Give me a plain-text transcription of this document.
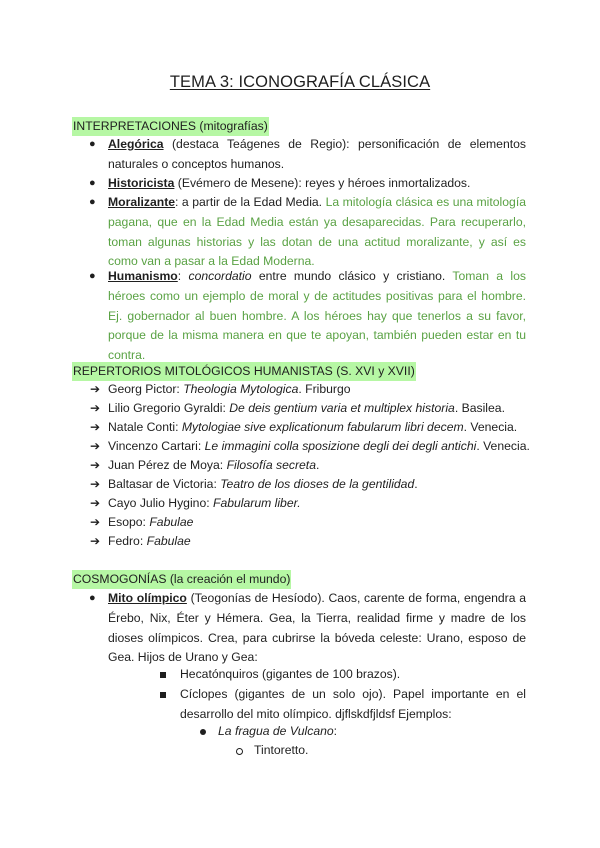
TEMA 3: ICONOGRAFÍA CLÁSICA
INTERPRETACIONES (mitografías)
● Alegórica (destaca Teágenes de Regio): personificación de elementos naturales o conceptos humanos.
● Historicista (Evémero de Mesene): reyes y héroes inmortalizados.
● Moralizante: a partir de la Edad Media. La mitología clásica es una mitología pagana, que en la Edad Media están ya desaparecidas. Para recuperarlo, toman algunas historias y las dotan de una actitud moralizante, y así es como van a pasar a la Edad Moderna.
● Humanismo: concordatio entre mundo clásico y cristiano. Toman a los héroes como un ejemplo de moral y de actitudes positivas para el hombre. Ej. gobernador al buen hombre. A los héroes hay que tenerlos a su favor, porque de la misma manera en que te apoyan, también pueden estar en tu contra.
REPERTORIOS MITOLÓGICOS HUMANISTAS (S. XVI y XVII)
➔ Georg Pictor: Theologia Mytologica. Friburgo
➔ Lilio Gregorio Gyraldi: De deis gentium varia et multiplex historia. Basilea.
➔ Natale Conti: Mytologiae sive explicationum fabularum libri decem. Venecia.
➔ Vincenzo Cartari: Le immagini colla sposizione degli dei degli antichi. Venecia.
➔ Juan Pérez de Moya: Filosofía secreta.
➔ Baltasar de Victoria: Teatro de los dioses de la gentilidad.
➔ Cayo Julio Hygino: Fabularum liber.
➔ Esopo: Fabulae
➔ Fedro: Fabulae
COSMOGONÍAS (la creación el mundo)
● Mito olímpico (Teogonías de Hesíodo). Caos, carente de forma, engendra a Érebo, Nix, Éter y Hémera. Gea, la Tierra, realidad firme y madre de los dioses olímpicos. Crea, para cubrirse la bóveda celeste: Urano, esposo de Gea. Hijos de Urano y Gea:
Hecatónquiros (gigantes de 100 brazos).
Cíclopes (gigantes de un solo ojo). Papel importante en el desarrollo del mito olímpico. djflskdfjldsf Ejemplos:
La fragua de Vulcano:
Tintoretto.
